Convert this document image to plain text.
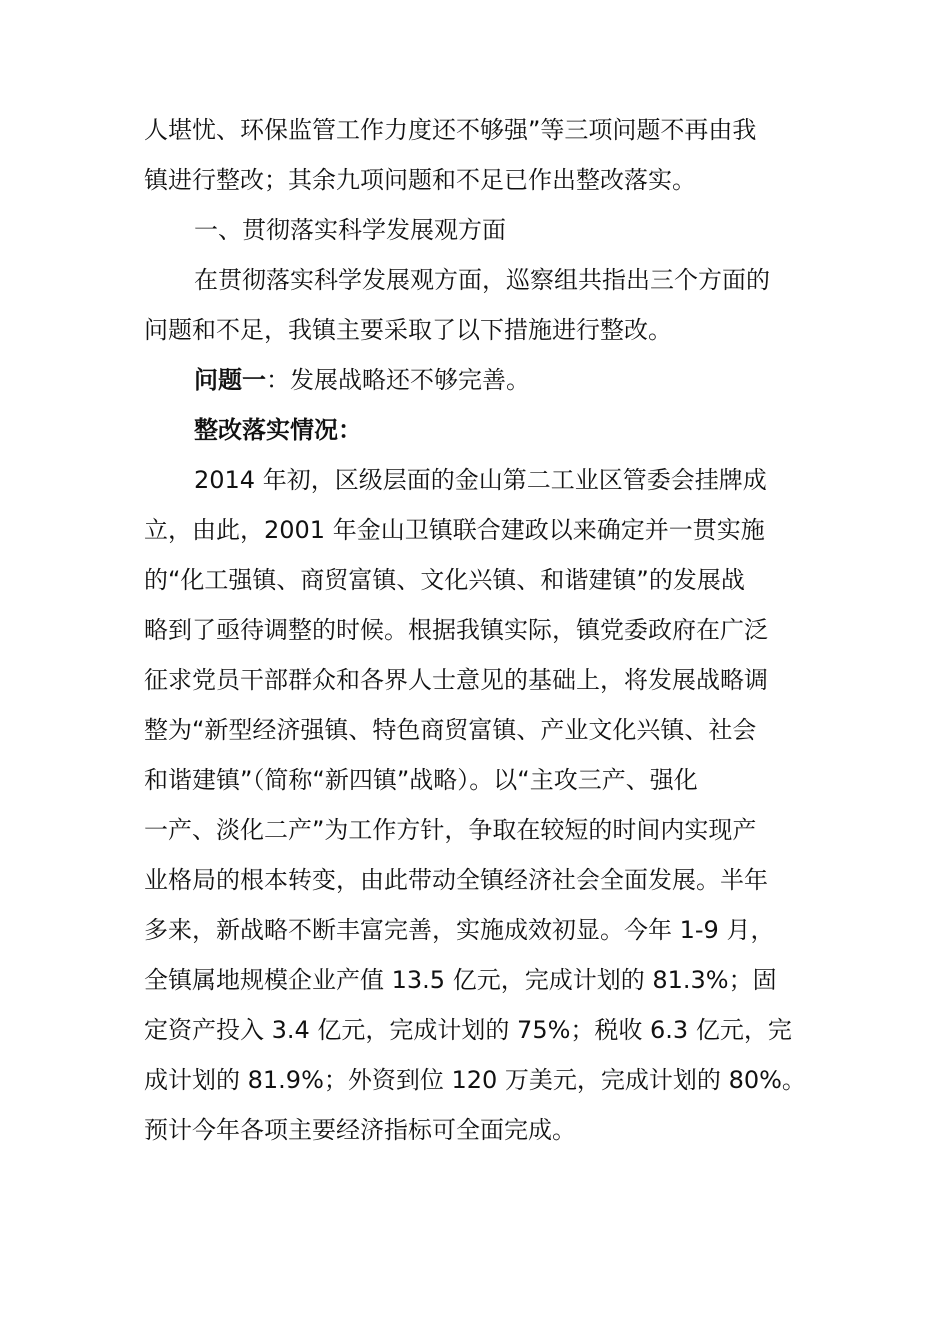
人堪忧、环保监管工作力度还不够强”等三项问题不再由我
镇进行整改；其余九项问题和不足已作出整改落实。
一、贯彻落实科学发展观方面
在贯彻落实科学发展观方面，巡察组共指出三个方面的
问题和不足，我镇主要采取了以下措施进行整改。
问题一：发展战略还不够完善。
整改落实情况：
2014 年初，区级层面的金山第二工业区管委会挂牌成
立，由此，2001 年金山卫镇联合建政以来确定并一贯实施
的“化工强镇、商贸富镇、文化兴镇、和谐建镇”的发展战
略到了亟待调整的时候。根据我镇实际，镇党委政府在广泛
征求党员干部群众和各界人士意见的基础上，将发展战略调
整为“新型经济强镇、特色商贸富镇、产业文化兴镇、社会
和谐建镇”（简称“新四镇”战略）。以“主攻三产、强化
一产、淡化二产”为工作方针，争取在较短的时间内实现产
业格局的根本转变，由此带动全镇经济社会全面发展。半年
多来，新战略不断丰富完善，实施成效初显。今年 1-9 月，
全镇属地规模企业产值 13.5 亿元，完成计划的 81.3%；固
定资产投入 3.4 亿元，完成计划的 75%；税收 6.3 亿元，完
成计划的 81.9%；外资到位 120 万美元，完成计划的 80%。
预计今年各项主要经济指标可全面完成。
